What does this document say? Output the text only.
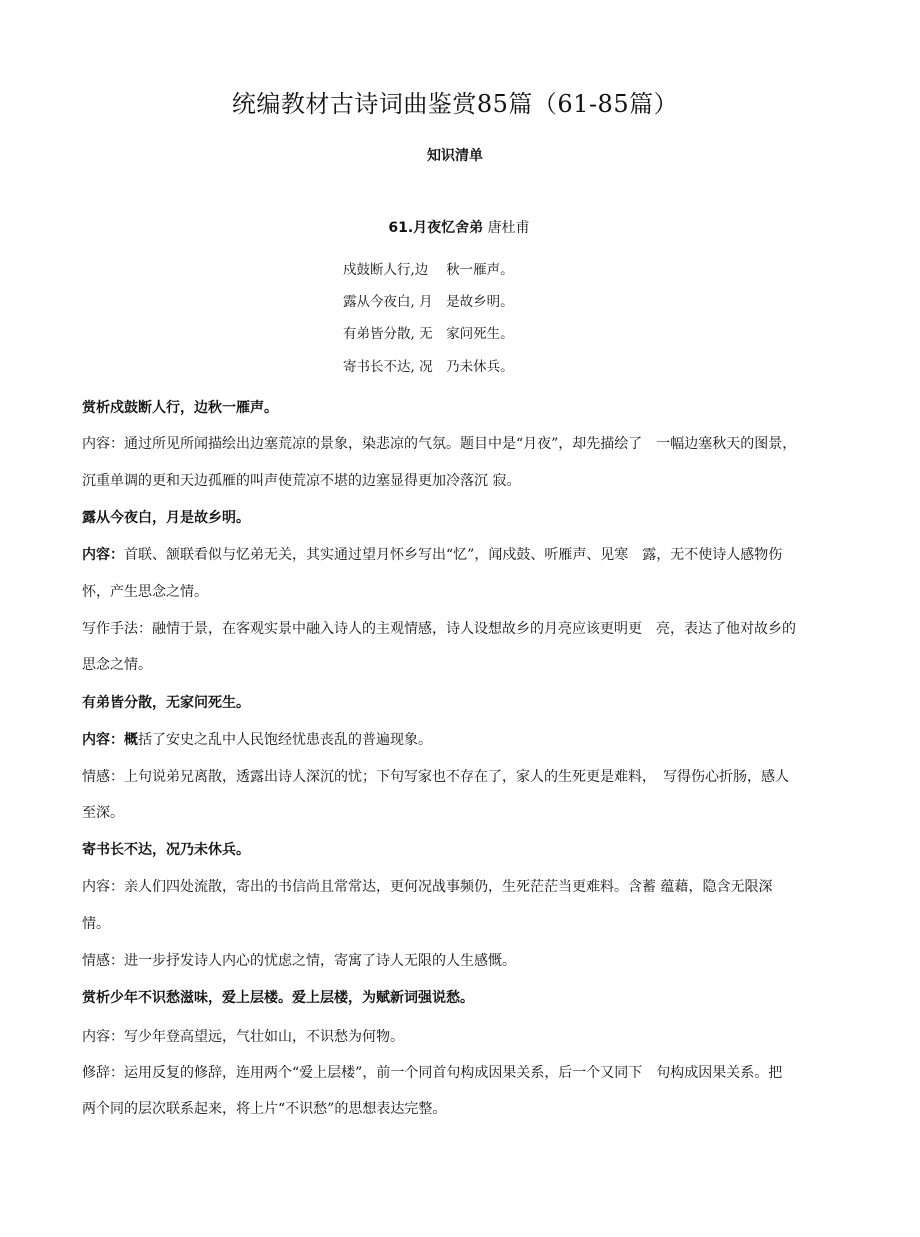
统编教材古诗词曲鉴赏85篇（61-85篇）
知识清单
61.月夜忆舍弟 唐杜甫
戍鼓断人行,边　 秋一雁声。
露从今夜白, 月　是故乡明。
有弟皆分散, 无　家问死生。
寄书长不达, 况　乃未休兵。
赏析戍鼓断人行，边秋一雁声。
内容：通过所见所闻描绘出边塞荒凉的景象，染悲凉的气氛。题目中是“月夜”，却先描绘了　一幅边塞秋天的图景，
沉重单调的更和天边孤雁的叫声使荒凉不堪的边塞显得更加冷落沉 寂。
露从今夜白，月是故乡明。
内容：首联、颔联看似与忆弟无关，其实通过望月怀乡写出“忆”，闻戍鼓、听雁声、见寒　露，无不使诗人感物伤
怀，产生思念之情。
写作手法：融情于景，在客观实景中融入诗人的主观情感，诗人设想故乡的月亮应该更明更　亮，表达了他对故乡的
思念之情。
有弟皆分散，无家问死生。
内容：概括了安史之乱中人民饱经忧患丧乱的普遍现象。
情感：上句说弟兄离散，透露出诗人深沉的忧；下句写家也不存在了，家人的生死更是难料，　写得伤心折肠，感人
至深。
寄书长不达，况乃未休兵。
内容：亲人们四处流散，寄出的书信尚且常常达，更何况战事频仍，生死茫茫当更难料。含蓄 蕴藉，隐含无限深
情。
情感：进一步抒发诗人内心的忧虑之情，寄寓了诗人无限的人生感慨。
赏析少年不识愁滋味，爱上层楼。爱上层楼，为赋新词强说愁。
内容：写少年登高望远，气壮如山，不识愁为何物。
修辞：运用反复的修辞，连用两个“爱上层楼”，前一个同首句构成因果关系，后一个又同下　句构成因果关系。把
两个同的层次联系起来，将上片“不识愁”的思想表达完整。
